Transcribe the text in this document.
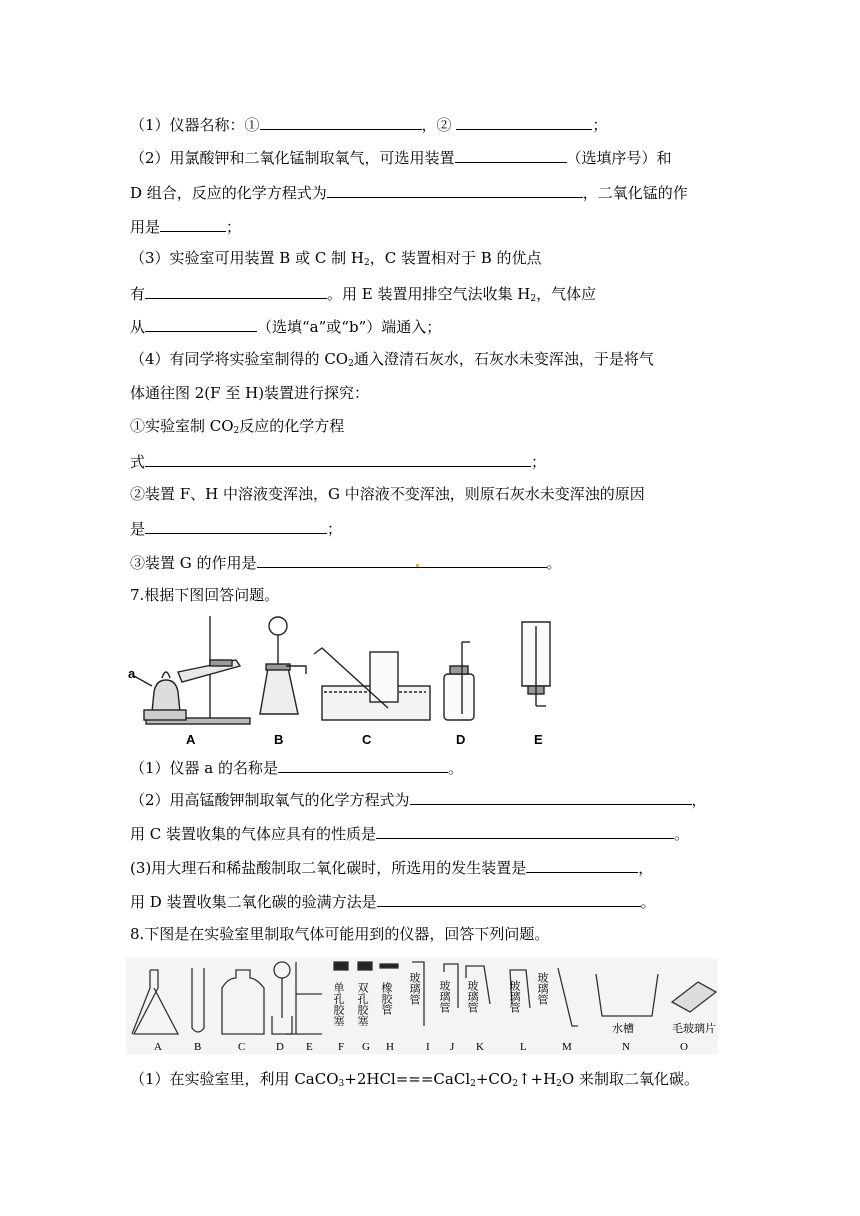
（1）仪器名称：①	，②	；
（2）用氯酸钾和二氧化锰制取氧气，可选用装置	（选填序号）和
D 组合，反应的化学方程式为	，二氧化锰的作
用是	；
（3）实验室可用装置 B 或 C 制 $H_2$，C 装置相对于 B 的优点
有	。用 E 装置用排空气法收集 $H_2$，气体应
从	（选填“a”或“b”）端通入；
（4）有同学将实验室制得的 $CO_2$通入澄清石灰水，石灰水未变浑浊，于是将气
体通往图 2(F 至 H)装置进行探究：
①实验室制 $CO_2$反应的化学方程
式	；
②装置 F、H 中溶液变浑浊，G 中溶液不变浑浊，则原石灰水未变浑浊的原因
是	；
③装置 G 的作用是	。
7.根据下图回答问题。
a
A	B	C	D	E
（1）仪器 a 的名称是	。
（2）用高锰酸钾制取氧气的化学方程式为	，
用 C 装置收集的气体应具有的性质是	。
(3)用大理石和稀盐酸制取二氧化碳时，所选用的发生装置是	，
用 D 装置收集二氧化碳的验满方法是	。
8.下图是在实验室里制取气体可能用到的仪器，回答下列问题。
单孔胶塞 双孔胶塞 橡胶管 玻璃管 玻璃管 玻璃管	玻璃管 玻璃管
水槽	毛玻璃片
A	B	C	D E F G H	I J K	L	M	N	O
（1）在实验室里，利用 $CaCO_3+2HCl===CaCl_2+CO_2↑+H_2O$ 来制取二氧化碳。
